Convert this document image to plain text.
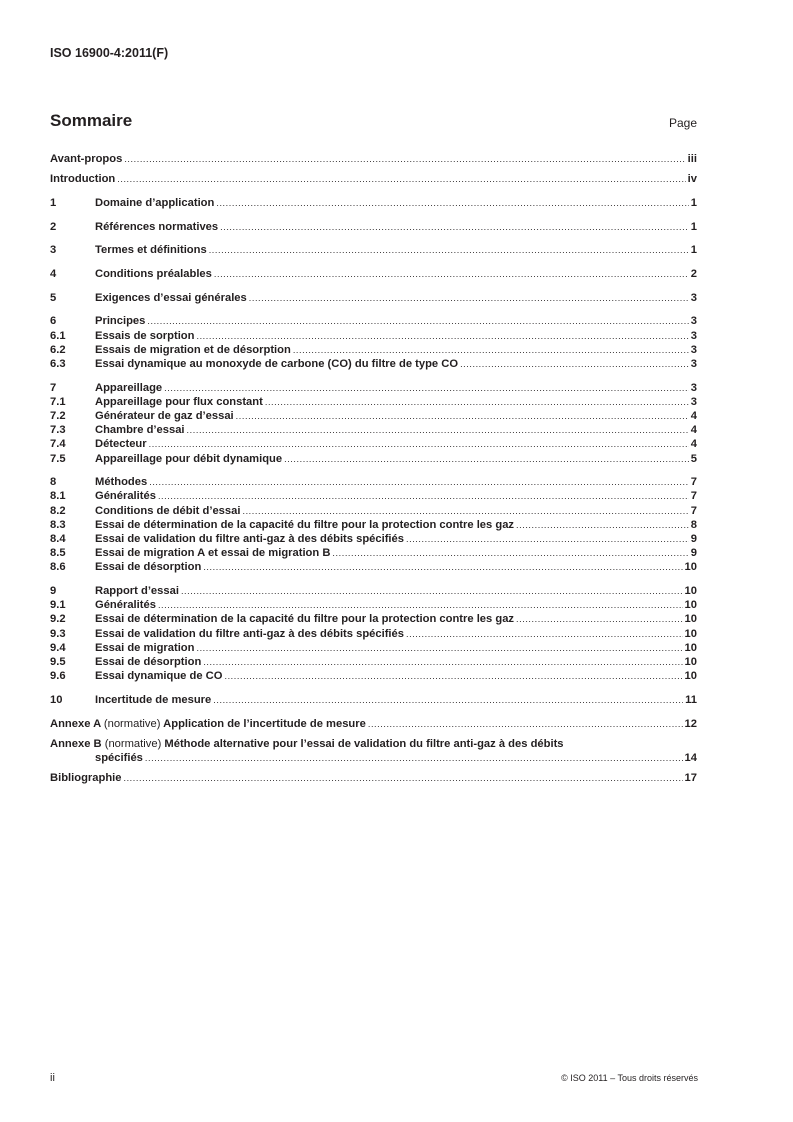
ISO 16900-4:2011(F)
Sommaire	Page
Avant-propos .....	iii
Introduction .....	iv
1	Domaine d’application .....	1
2	Références normatives .....	1
3	Termes et définitions .....	1
4	Conditions préalables .....	2
5	Exigences d’essai générales .....	3
6	Principes .....	3
6.1	Essais de sorption .....	3
6.2	Essais de migration et de désorption .....	3
6.3	Essai dynamique au monoxyde de carbone (CO) du filtre de type CO .....	3
7	Appareillage .....	3
7.1	Appareillage pour flux constant .....	3
7.2	Générateur de gaz d’essai .....	4
7.3	Chambre d’essai .....	4
7.4	Détecteur .....	4
7.5	Appareillage pour débit dynamique .....	5
8	Méthodes .....	7
8.1	Généralités .....	7
8.2	Conditions de débit d’essai .....	7
8.3	Essai de détermination de la capacité du filtre pour la protection contre les gaz .....	8
8.4	Essai de validation du filtre anti-gaz à des débits spécifiés .....	9
8.5	Essai de migration A et essai de migration B .....	9
8.6	Essai de désorption .....	10
9	Rapport d’essai .....	10
9.1	Généralités .....	10
9.2	Essai de détermination de la capacité du filtre pour la protection contre les gaz .....	10
9.3	Essai de validation du filtre anti-gaz à des débits spécifiés .....	10
9.4	Essai de migration .....	10
9.5	Essai de désorption .....	10
9.6	Essai dynamique de CO .....	10
10	Incertitude de mesure .....	11
Annexe A (normative) Application de l’incertitude de mesure .....	12
Annexe B (normative) Méthode alternative pour l’essai de validation du filtre anti-gaz à des débits
spécifiés .....	14
Bibliographie .....	17
ii	© ISO 2011 – Tous droits réservés
